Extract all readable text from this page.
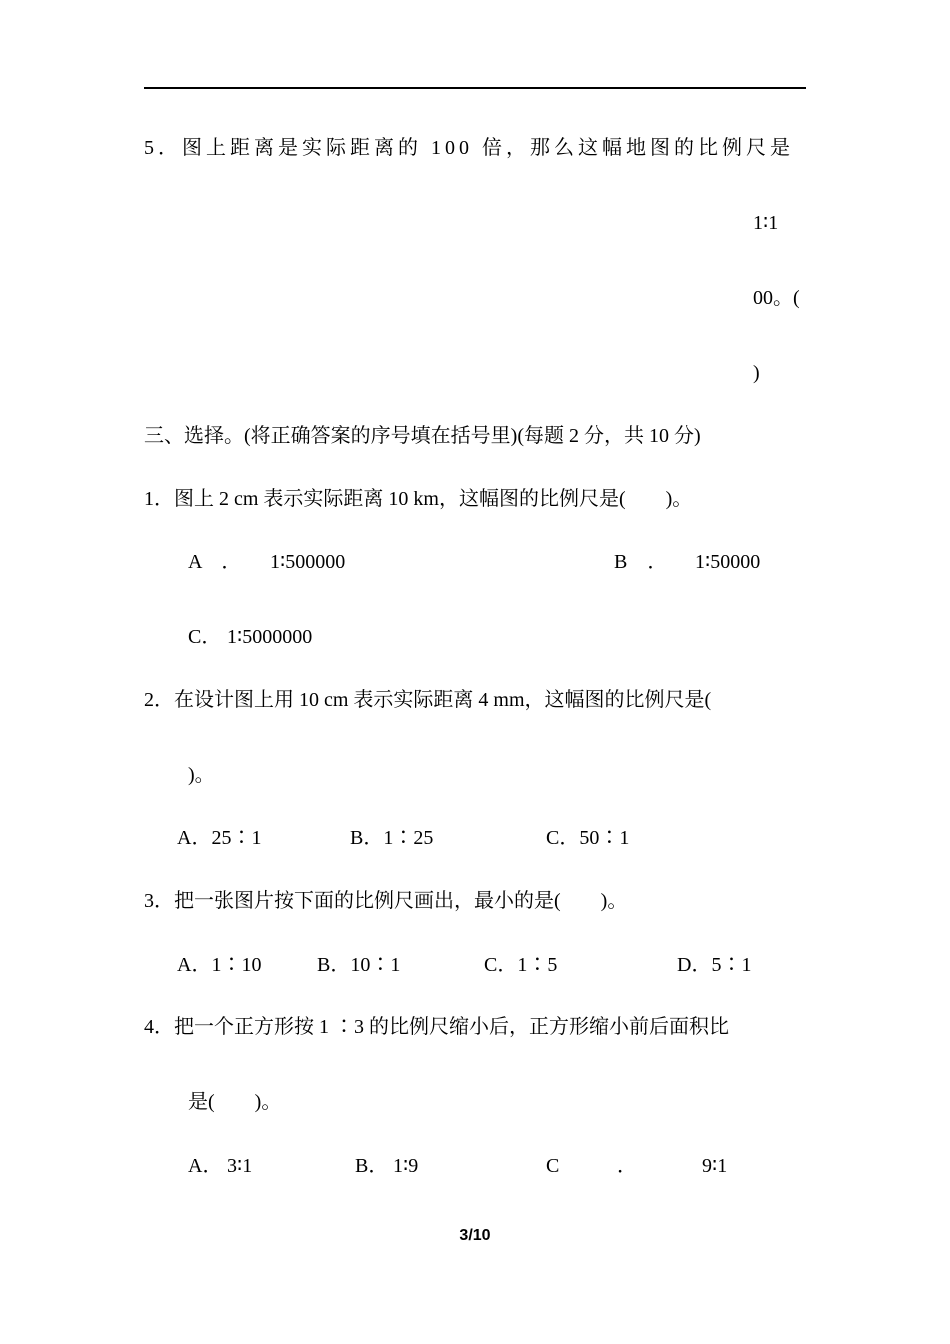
5．图上距离是实际距离的 100 倍，那么这幅地图的比例尺是
1∶1
00。(
)
三、选择。(将正确答案的序号填在括号里)(每题 2 分，共 10 分)
1．图上 2 cm 表示实际距离 10 km，这幅图的比例尺是(　　)。
A　． 1∶500000	B　． 1∶50000
C． 1∶5000000
2．在设计图上用 10 cm 表示实际距离 4 mm，这幅图的比例尺是(
)。
A．25∶1	B．1∶25	C．50∶1
3．把一张图片按下面的比例尺画出，最小的是(　　)。
A．1∶10	B．10∶1	C．1∶5	D．5∶1
4．把一个正方形按 1 ∶3 的比例尺缩小后，正方形缩小前后面积比
是(　　)。
A． 3∶1	B． 1∶9	C	．	9∶1
3/10
